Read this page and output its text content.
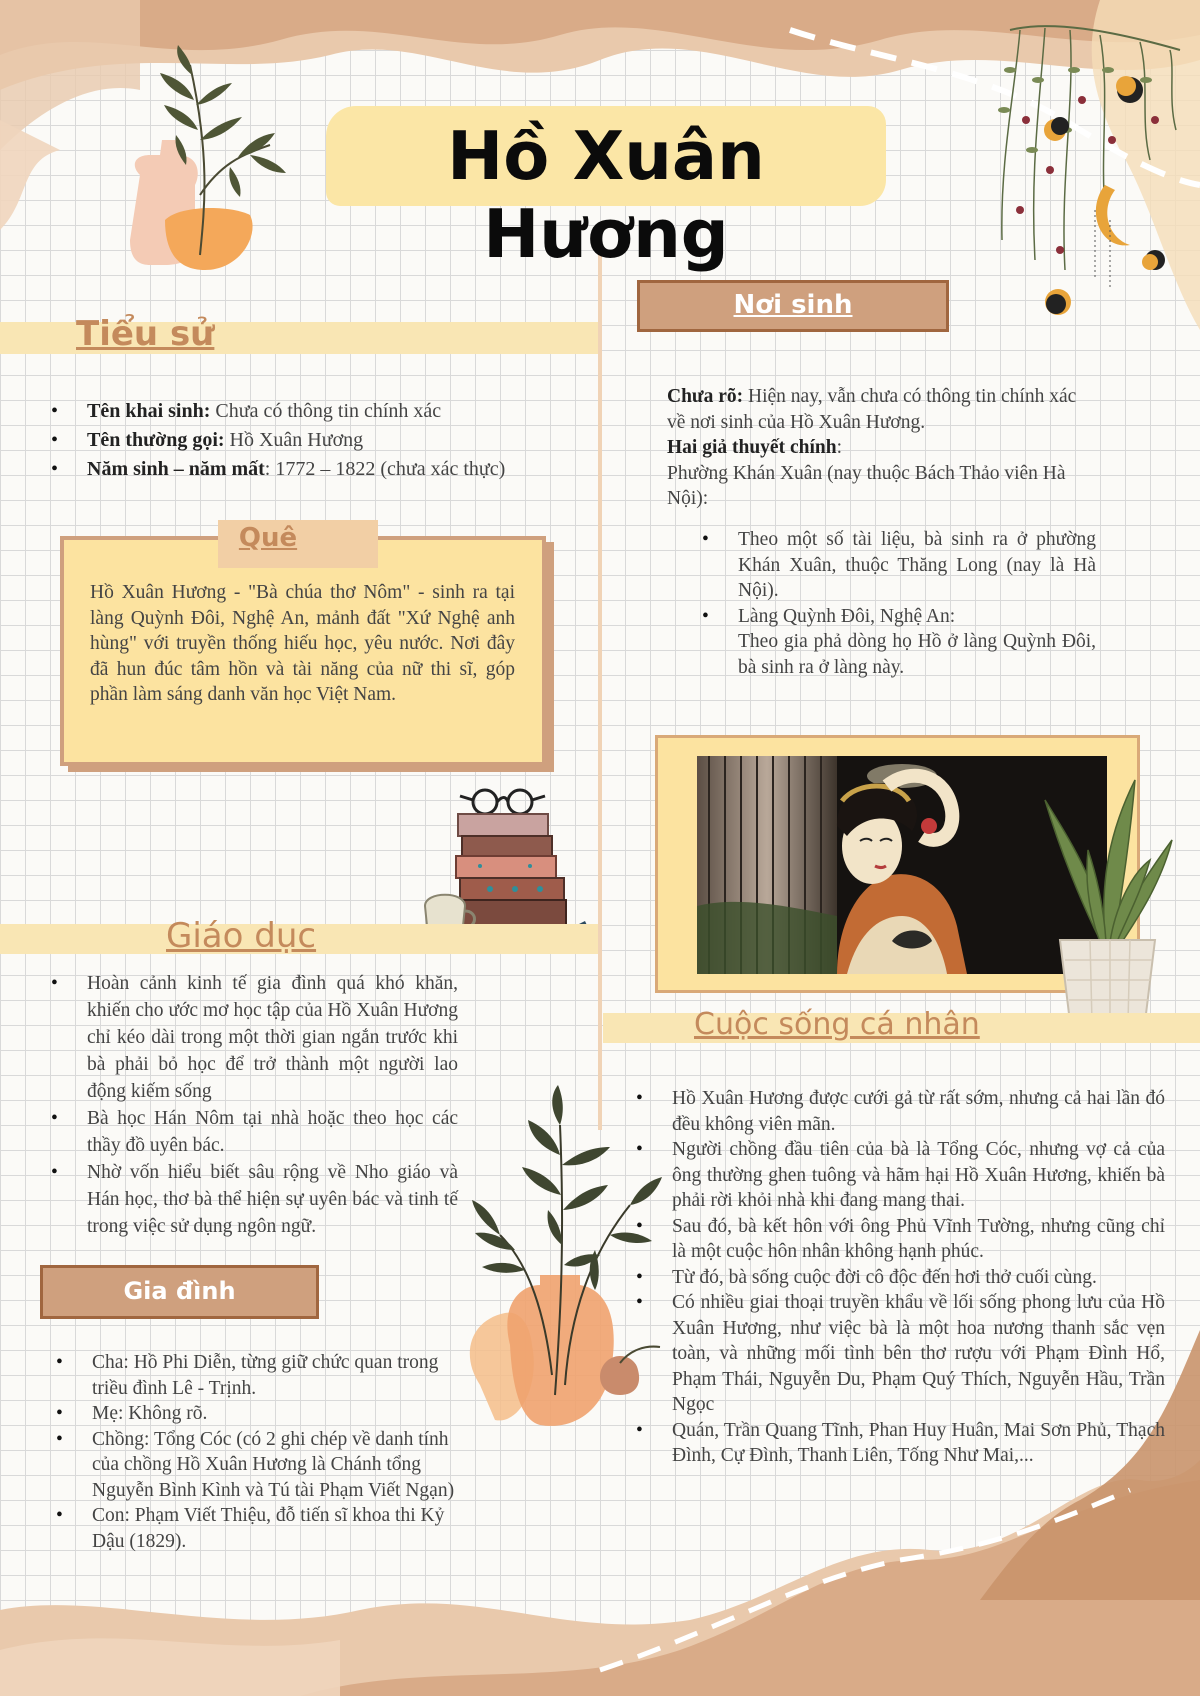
Hồ Xuân
Hương
Tiểu sử
• Tên khai sinh: Chưa có thông tin chính xác
• Tên thường gọi: Hồ Xuân Hương
• Năm sinh – năm mất: 1772 – 1822 (chưa xác thực)
Quê
Hồ Xuân Hương - "Bà chúa thơ Nôm" - sinh ra tại làng Quỳnh Đôi, Nghệ An, mảnh đất "Xứ Nghệ anh hùng" với truyền thống hiếu học, yêu nước. Nơi đây đã hun đúc tâm hồn và tài năng của nữ thi sĩ, góp phần làm sáng danh văn học Việt Nam.
Nơi sinh
Chưa rõ: Hiện nay, vẫn chưa có thông tin chính xác về nơi sinh của Hồ Xuân Hương.
Hai giả thuyết chính:
Phường Khán Xuân (nay thuộc Bách Thảo viên Hà Nội):
• Theo một số tài liệu, bà sinh ra ở phường Khán Xuân, thuộc Thăng Long (nay là Hà Nội).
• Làng Quỳnh Đôi, Nghệ An:
Theo gia phả dòng họ Hồ ở làng Quỳnh Đôi, bà sinh ra ở làng này.
Giáo dục
• Hoàn cảnh kinh tế gia đình quá khó khăn, khiến cho ước mơ học tập của Hồ Xuân Hương chỉ kéo dài trong một thời gian ngắn trước khi bà phải bỏ học để trở thành một người lao động kiếm sống
• Bà học Hán Nôm tại nhà hoặc theo học các thầy đồ uyên bác.
• Nhờ vốn hiểu biết sâu rộng về Nho giáo và Hán học, thơ bà thể hiện sự uyên bác và tinh tế trong việc sử dụng ngôn ngữ.
Gia đình
• Cha: Hồ Phi Diễn, từng giữ chức quan trong triều đình Lê - Trịnh.
• Mẹ: Không rõ.
• Chồng: Tổng Cóc (có 2 ghi chép về danh tính của chồng Hồ Xuân Hương là Chánh tổng Nguyễn Bình Kình và Tú tài Phạm Viết Ngạn)
• Con: Phạm Viết Thiệu, đỗ tiến sĩ khoa thi Kỷ Dậu (1829).
Cuộc sống cá nhân
• Hồ Xuân Hương được cưới gả từ rất sớm, nhưng cả hai lần đó đều không viên mãn.
• Người chồng đầu tiên của bà là Tổng Cóc, nhưng vợ cả của ông thường ghen tuông và hãm hại Hồ Xuân Hương, khiến bà phải rời khỏi nhà khi đang mang thai.
• Sau đó, bà kết hôn với ông Phủ Vĩnh Tường, nhưng cũng chỉ là một cuộc hôn nhân không hạnh phúc.
• Từ đó, bà sống cuộc đời cô độc đến hơi thở cuối cùng.
• Có nhiều giai thoại truyền khẩu về lối sống phong lưu của Hồ Xuân Hương, như việc bà là một hoa nương thanh sắc vẹn toàn, và những mối tình bên thơ rượu với Phạm Đình Hổ, Phạm Thái, Nguyễn Du, Phạm Quý Thích, Nguyễn Hầu, Trần Ngọc
• Quán, Trần Quang Tĩnh, Phan Huy Huân, Mai Sơn Phủ, Thạch Đình, Cự Đình, Thanh Liên, Tống Như Mai,...
